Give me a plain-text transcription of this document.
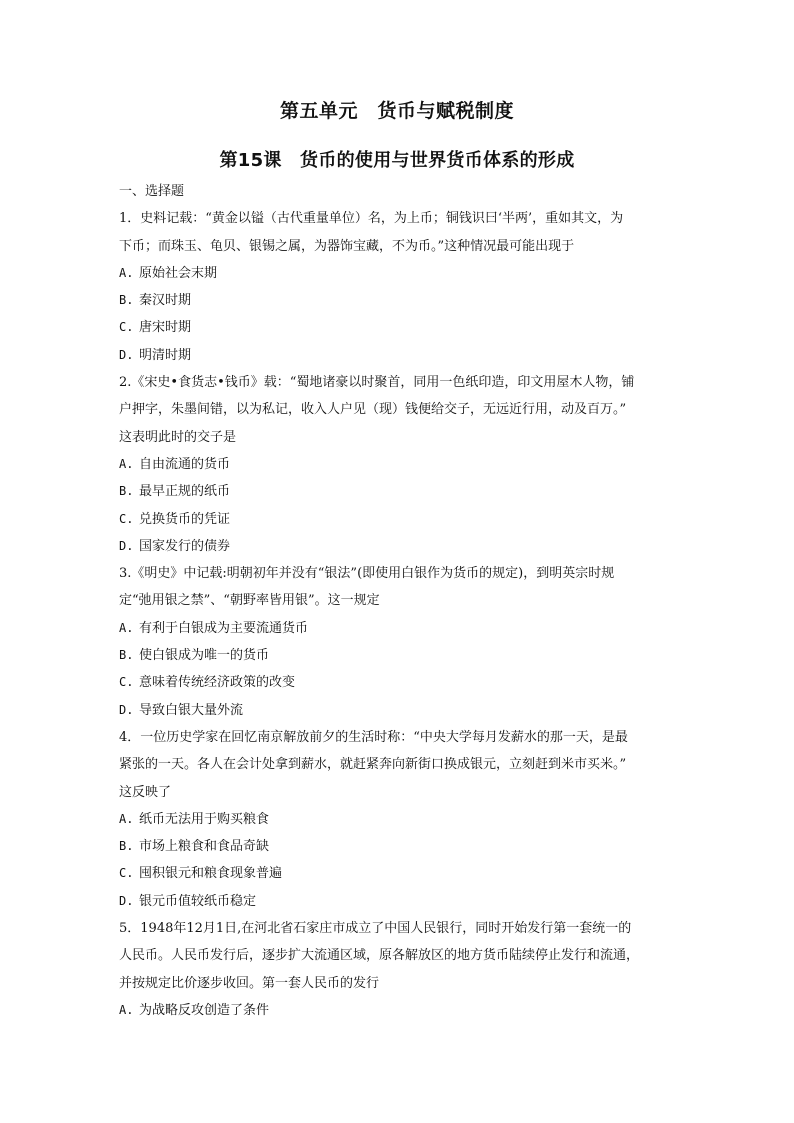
第五单元　货币与赋税制度
第15课　货币的使用与世界货币体系的形成
一、选择题
1．史料记载：“黄金以镒（古代重量单位）名，为上币；铜钱识曰‘半两’，重如其文，为
下币；而珠玉、龟贝、银锡之属，为器饰宝藏，不为币。”这种情况最可能出现于
A. 原始社会末期
B. 秦汉时期
C. 唐宋时期
D. 明清时期
2.《宋史•食货志•钱币》载：“蜀地诸豪以时聚首，同用一色纸印造，印文用屋木人物，铺
户押字，朱墨间错，以为私记，收入人户见（现）钱便给交子，无远近行用，动及百万。”
这表明此时的交子是
A. 自由流通的货币
B. 最早正规的纸币
C. 兑换货币的凭证
D. 国家发行的债券
3.《明史》中记载:明朝初年并没有“银法”(即使用白银作为货币的规定)，到明英宗时规
定“弛用银之禁”、“朝野率皆用银”。这一规定
A. 有利于白银成为主要流通货币
B. 使白银成为唯一的货币
C. 意味着传统经济政策的改变
D. 导致白银大量外流
4．一位历史学家在回忆南京解放前夕的生活时称：“中央大学每月发薪水的那一天，是最
紧张的一天。各人在会计处拿到薪水，就赶紧奔向新街口换成银元，立刻赶到米市买米。”
这反映了
A. 纸币无法用于购买粮食
B. 市场上粮食和食品奇缺
C. 囤积银元和粮食现象普遍
D. 银元币值较纸币稳定
5．1948年12月1日,在河北省石家庄市成立了中国人民银行，同时开始发行第一套统一的
人民币。人民币发行后，逐步扩大流通区域，原各解放区的地方货币陆续停止发行和流通，
并按规定比价逐步收回。第一套人民币的发行
A. 为战略反攻创造了条件
